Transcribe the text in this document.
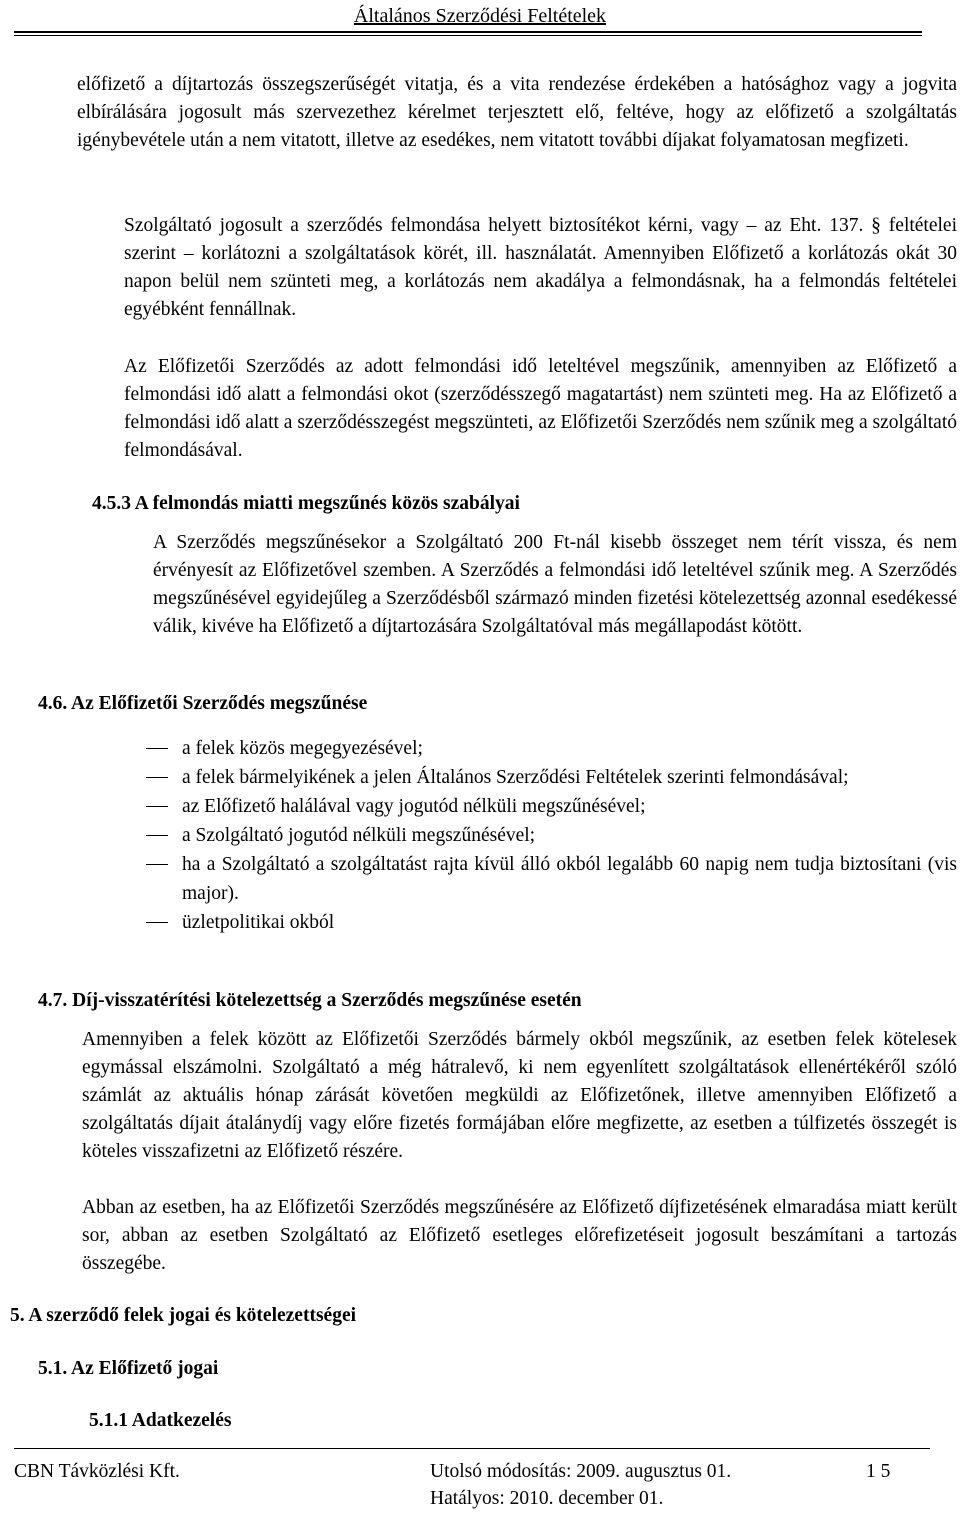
Általános Szerződési Feltételek

előfizető a díjtartozás összegszerűségét vitatja, és a vita rendezése érdekében a hatósághoz vagy a jogvita elbírálására jogosult más szervezethez kérelmet terjesztett elő, feltéve, hogy az előfizető a szolgáltatás igénybevétele után a nem vitatott, illetve az esedékes, nem vitatott további díjakat folyamatosan megfizeti.

Szolgáltató jogosult a szerződés felmondása helyett biztosítékot kérni, vagy – az Eht. 137. § feltételei szerint – korlátozni a szolgáltatások körét, ill. használatát. Amennyiben Előfizető a korlátozás okát 30 napon belül nem szünteti meg, a korlátozás nem akadálya a felmondásnak, ha a felmondás feltételei egyébként fennállnak.

Az Előfizetői Szerződés az adott felmondási idő leteltével megszűnik, amennyiben az Előfizető a felmondási idő alatt a felmondási okot (szerződésszegő magatartást) nem szünteti meg. Ha az Előfizető a felmondási idő alatt a szerződésszegést megszünteti, az Előfizetői Szerződés nem szűnik meg a szolgáltató felmondásával.

4.5.3 A felmondás miatti megszűnés közös szabályai

A Szerződés megszűnésekor a Szolgáltató 200 Ft-nál kisebb összeget nem térít vissza, és nem érvényesít az Előfizetővel szemben. A Szerződés a felmondási idő leteltével szűnik meg. A Szerződés megszűnésével egyidejűleg a Szerződésből származó minden fizetési kötelezettség azonnal esedékessé válik, kivéve ha Előfizető a díjtartozására Szolgáltatóval más megállapodást kötött.

4.6. Az Előfizetői Szerződés megszűnése
a felek közös megegyezésével;
a felek bármelyikének a jelen Általános Szerződési Feltételek szerinti felmondásával;
az Előfizető halálával vagy jogutód nélküli megszűnésével;
a Szolgáltató jogutód nélküli megszűnésével;
ha a Szolgáltató a szolgáltatást rajta kívül álló okból legalább 60 napig nem tudja biztosítani (vis major).
üzletpolitikai okból
4.7. Díj-visszatérítési kötelezettség a Szerződés megszűnése esetén

Amennyiben a felek között az Előfizetői Szerződés bármely okból megszűnik, az esetben felek kötelesek egymással elszámolni. Szolgáltató a még hátralevő, ki nem egyenlített szolgáltatások ellenértékéről szóló számlát az aktuális hónap zárását követően megküldi az Előfizetőnek, illetve amennyiben Előfizető a szolgáltatás díjait átalánydíj vagy előre fizetés formájában előre megfizette, az esetben a túlfizetés összegét is köteles visszafizetni az Előfizető részére.

Abban az esetben, ha az Előfizetői Szerződés megszűnésére az Előfizető díjfizetésének elmaradása miatt került sor, abban az esetben Szolgáltató az Előfizető esetleges előrefizetéseit jogosult beszámítani a tartozás összegébe.

5. A szerződő felek jogai és kötelezettségei
5.1. Az Előfizető jogai
5.1.1 Adatkezelés
CBN Távközlési Kft.	Utolsó módosítás: 2009. augusztus 01.
Hatályos: 2010. december 01.
1 5
